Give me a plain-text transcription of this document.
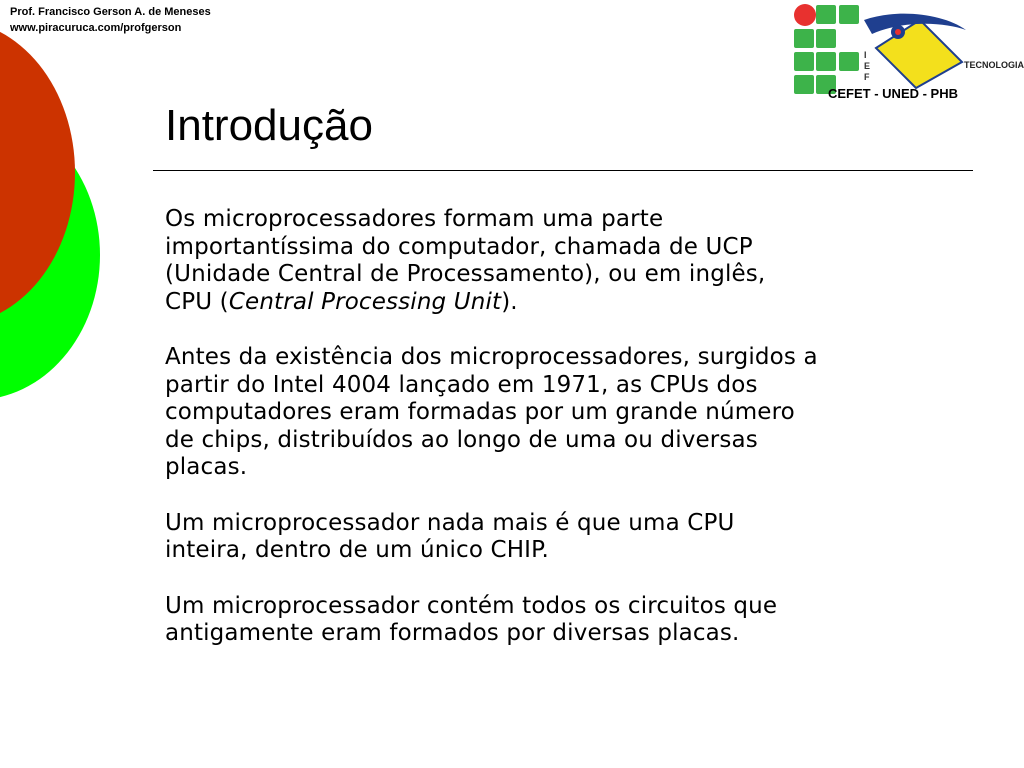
Prof. Francisco Gerson A. de Meneses
www.piracuruca.com/profgerson
I
E
F
TECNOLOGIA
CEFET - UNED - PHB
Introdução

Os microprocessadores formam uma parte
importantíssima do computador, chamada de UCP
(Unidade Central de Processamento), ou em inglês,
CPU (Central Processing Unit).

Antes da existência dos microprocessadores, surgidos a
partir do Intel 4004 lançado em 1971, as CPUs dos
computadores eram formadas por um grande número
de chips, distribuídos ao longo de uma ou diversas
placas.

Um microprocessador nada mais é que uma CPU
inteira, dentro de um único CHIP.

Um microprocessador contém todos os circuitos que
antigamente eram formados por diversas placas.
